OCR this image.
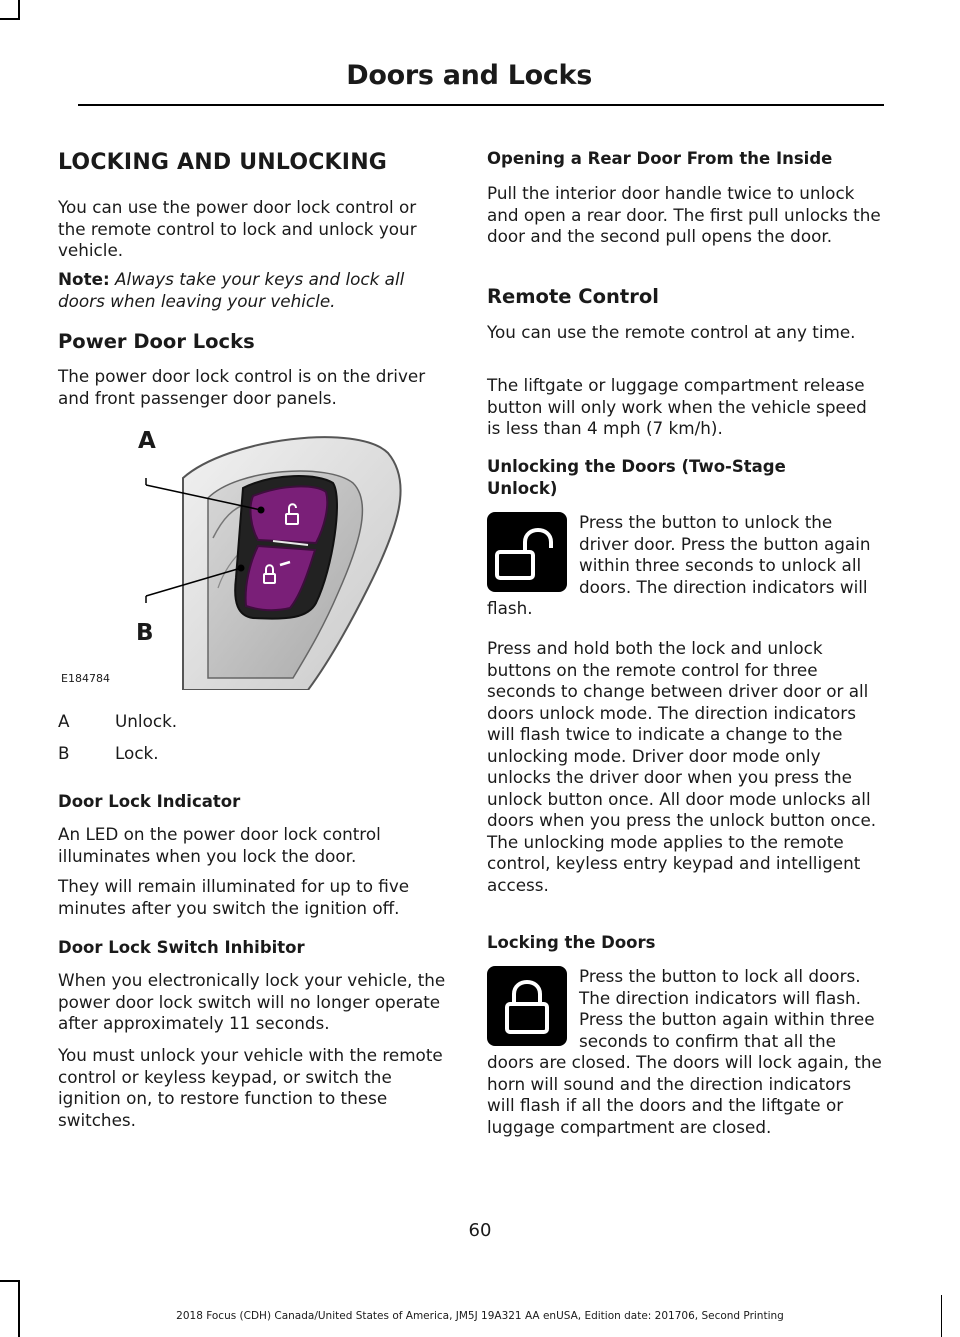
Doors and Locks
LOCKING AND UNLOCKING

You can use the power door lock control or the remote control to lock and unlock your vehicle.

Note: Always take your keys and lock all doors when leaving your vehicle.

Power Door Locks

The power door lock control is on the driver and front passenger door panels.

A	Unlock.
B	Lock.
Door Lock Indicator

An LED on the power door lock control illuminates when you lock the door.

They will remain illuminated for up to five minutes after you switch the ignition off.

Door Lock Switch Inhibitor

When you electronically lock your vehicle, the power door lock switch will no longer operate after approximately 11 seconds.

You must unlock your vehicle with the remote control or keyless keypad, or switch the ignition on, to restore function to these switches.

A
B
E184784
Opening a Rear Door From the Inside

Pull the interior door handle twice to unlock and open a rear door. The first pull unlocks the door and the second pull opens the door.

Remote Control

You can use the remote control at any time.

The liftgate or luggage compartment release button will only work when the vehicle speed is less than 4 mph (7 km/h).

Unlocking the Doors (Two-Stage Unlock)

Press the button to unlock the driver door. Press the button again within three seconds to unlock all doors. The direction indicators will flash.

Press and hold both the lock and unlock buttons on the remote control for three seconds to change between driver door or all doors unlock mode. The direction indicators will flash twice to indicate a change to the unlocking mode. Driver door mode only unlocks the driver door when you press the unlock button once. All door mode unlocks all doors when you press the unlock button once. The unlocking mode applies to the remote control, keyless entry keypad and intelligent access.

Locking the Doors

Press the button to lock all doors. The direction indicators will flash. Press the button again within three seconds to confirm that all the doors are closed. The doors will lock again, the horn will sound and the direction indicators will flash if all the doors and the liftgate or luggage compartment are closed.

60
2018 Focus (CDH) Canada/United States of America, JM5J 19A321 AA enUSA, Edition date: 201706, Second Printing
